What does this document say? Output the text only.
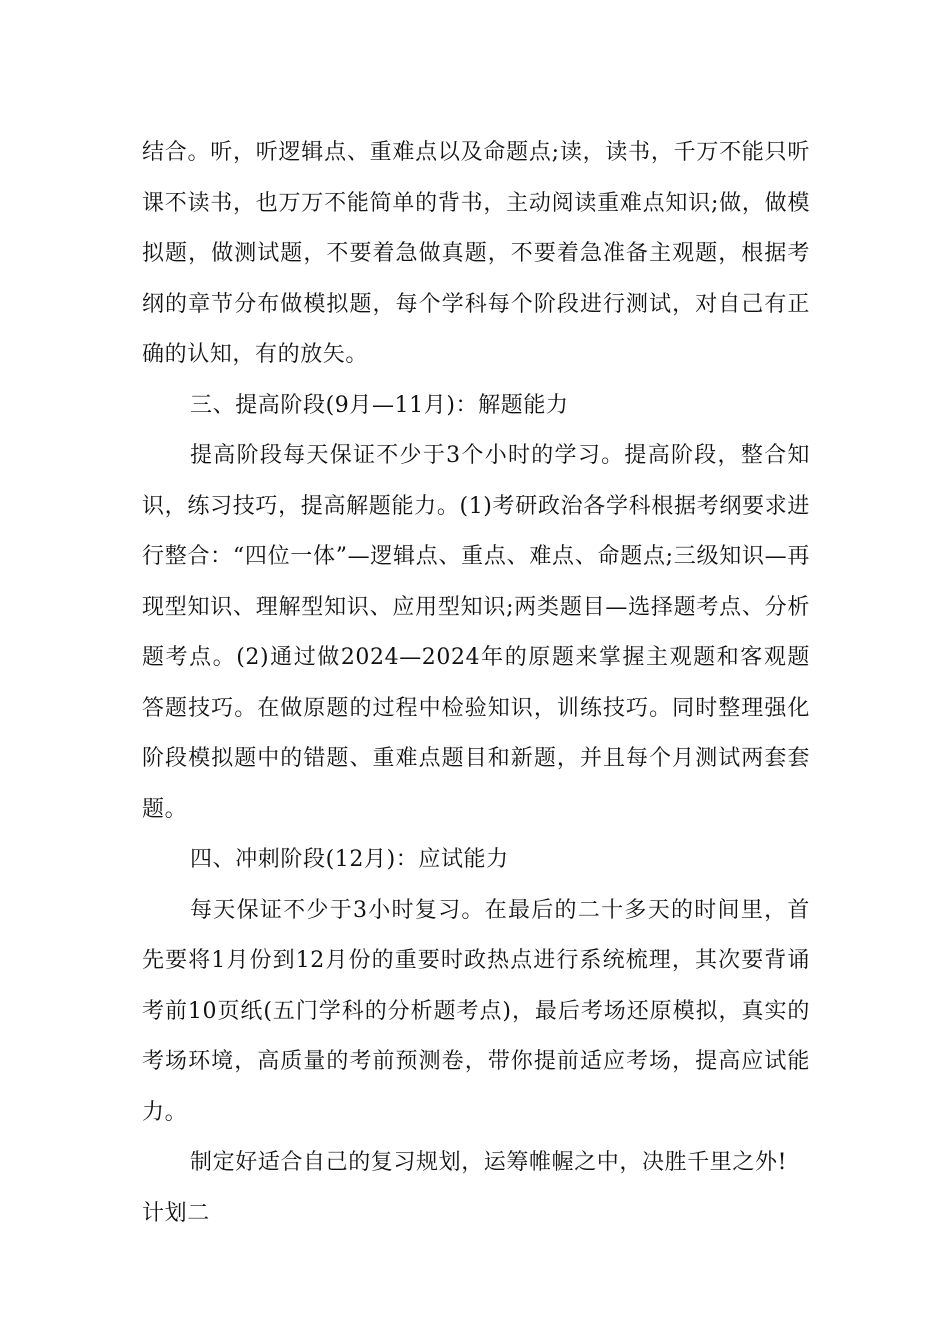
结合。听，听逻辑点、重难点以及命题点;读，读书，千万不能只听课不读书，也万万不能简单的背书，主动阅读重难点知识;做，做模拟题，做测试题，不要着急做真题，不要着急准备主观题，根据考纲的章节分布做模拟题，每个学科每个阶段进行测试，对自己有正确的认知，有的放矢。

三、提高阶段(9月—11月)：解题能力

提高阶段每天保证不少于3个小时的学习。提高阶段，整合知识，练习技巧，提高解题能力。(1)考研政治各学科根据考纲要求进行整合：“四位一体”—逻辑点、重点、难点、命题点;三级知识—再现型知识、理解型知识、应用型知识;两类题目—选择题考点、分析题考点。(2)通过做2024—2024年的原题来掌握主观题和客观题答题技巧。在做原题的过程中检验知识，训练技巧。同时整理强化阶段模拟题中的错题、重难点题目和新题，并且每个月测试两套套题。

四、冲刺阶段(12月)：应试能力

每天保证不少于3小时复习。在最后的二十多天的时间里，首先要将1月份到12月份的重要时政热点进行系统梳理，其次要背诵考前10页纸(五门学科的分析题考点)，最后考场还原模拟，真实的考场环境，高质量的考前预测卷，带你提前适应考场，提高应试能力。

制定好适合自己的复习规划，运筹帷幄之中，决胜千里之外!

计划二
